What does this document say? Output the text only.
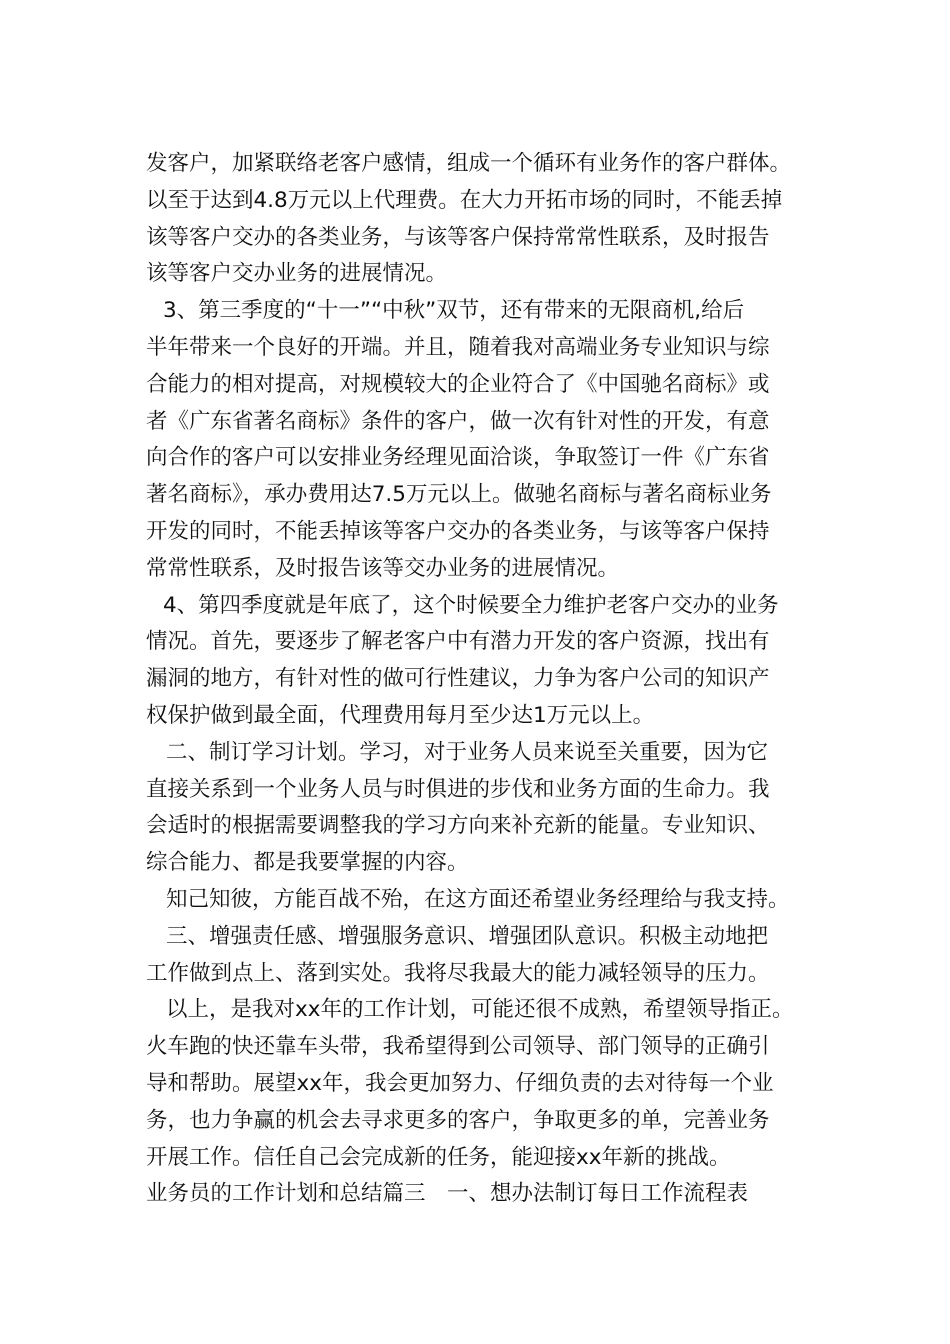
发客户，加紧联络老客户感情，组成一个循环有业务作的客户群体。
以至于达到4.8万元以上代理费。在大力开拓市场的同时，不能丢掉
该等客户交办的各类业务，与该等客户保持常常性联系，及时报告
该等客户交办业务的进展情况。
3、第三季度的“十一”“中秋”双节，还有带来的无限商机,给后
半年带来一个良好的开端。并且，随着我对高端业务专业知识与综
合能力的相对提高，对规模较大的企业符合了《中国驰名商标》或
者《广东省著名商标》条件的客户，做一次有针对性的开发，有意
向合作的客户可以安排业务经理见面洽谈，争取签订一件《广东省
著名商标》，承办费用达7.5万元以上。做驰名商标与著名商标业务
开发的同时，不能丢掉该等客户交办的各类业务，与该等客户保持
常常性联系，及时报告该等交办业务的进展情况。
4、第四季度就是年底了，这个时候要全力维护老客户交办的业务
情况。首先，要逐步了解老客户中有潜力开发的客户资源，找出有
漏洞的地方，有针对性的做可行性建议，力争为客户公司的知识产
权保护做到最全面，代理费用每月至少达1万元以上。
二、制订学习计划。学习，对于业务人员来说至关重要，因为它
直接关系到一个业务人员与时俱进的步伐和业务方面的生命力。我
会适时的根据需要调整我的学习方向来补充新的能量。专业知识、
综合能力、都是我要掌握的内容。
知己知彼，方能百战不殆，在这方面还希望业务经理给与我支持。
三、增强责任感、增强服务意识、增强团队意识。积极主动地把
工作做到点上、落到实处。我将尽我最大的能力减轻领导的压力。
以上，是我对xx年的工作计划，可能还很不成熟，希望领导指正。
火车跑的快还靠车头带，我希望得到公司领导、部门领导的正确引
导和帮助。展望xx年，我会更加努力、仔细负责的去对待每一个业
务，也力争赢的机会去寻求更多的客户，争取更多的单，完善业务
开展工作。信任自己会完成新的任务，能迎接xx年新的挑战。
业务员的工作计划和总结篇三　一、想办法制订每日工作流程表
